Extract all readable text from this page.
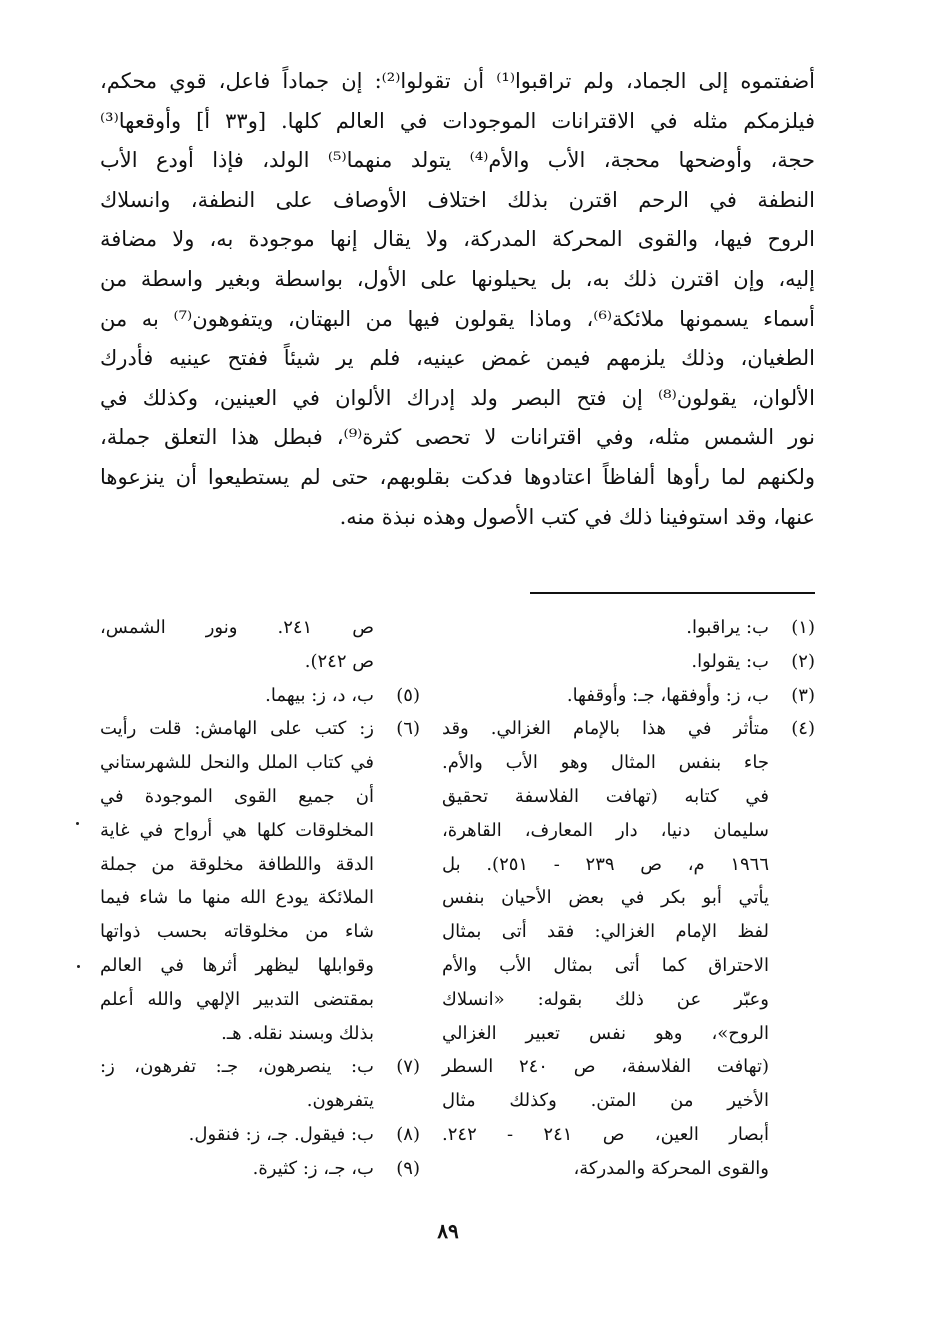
أضفتموه إلى الجماد، ولم تراقبوا⁽¹⁾ أن تقولوا⁽²⁾: إن جماداً فاعل، قوي محكم،
فيلزمكم مثله في الاقترانات الموجودات في العالم كلها. [و٣٣ أ] وأوقعها⁽³⁾
حجة، وأوضحها محجة، الأب والأم⁽⁴⁾ يتولد منهما⁽⁵⁾ الولد، فإذا أودع الأب
النطفة في الرحم اقترن بذلك اختلاف الأوصاف على النطفة، وانسلاك
الروح فيها، والقوى المحركة المدركة، ولا يقال إنها موجودة به، ولا مضافة
إليه، وإن اقترن ذلك به، بل يحيلونها على الأول، بواسطة وبغير واسطة من
أسماء يسمونها ملائكة⁽⁶⁾، وماذا يقولون فيها من البهتان، ويتفوهون⁽⁷⁾ به من
الطغيان، وذلك يلزمهم فيمن غمض عينيه، فلم ير شيئاً ففتح عينيه فأدرك
الألوان، يقولون⁽⁸⁾ إن فتح البصر ولد إدراك الألوان في العينين، وكذلك في
نور الشمس مثله، وفي اقترانات لا تحصى كثرة⁽⁹⁾، فبطل هذا التعلق جملة،
ولكنهم لما رأوها ألفاظاً اعتادوها فدكت بقلوبهم، حتى لم يستطيعوا أن ينزعوها
عنها، وقد استوفينا ذلك في كتب الأصول وهذه نبذة منه.
(١)
ب: يراقبوا.
(٢)
ب: يقولوا.
(٣)
ب، ز: وأوفقها، جـ: وأوقفها.
(٤)
متأثر في هذا بالإمام الغزالي. وقد
جاء بنفس المثال وهو الأب والأم.
في كتابه (تهافت الفلاسفة تحقيق
سليمان دنيا، دار المعارف، القاهرة،
١٩٦٦ م، ص ٢٣٩ - ٢٥١). بل
يأتي أبو بكر في بعض الأحيان بنفس
لفظ الإمام الغزالي: فقد أتى بمثال
الاحتراق كما أتى بمثال الأب والأم
وعبّر عن ذلك بقوله: «انسلاك
الروح»، وهو نفس تعبير الغزالي
(تهافت الفلاسفة، ص ٢٤٠ السطر
الأخير من المتن. وكذلك مثال
أبصار العين، ص ٢٤١ - ٢٤٢.
والقوى المحركة والمدركة،
ص ٢٤١. ونور الشمس،
ص ٢٤٢).
(٥)
ب، د، ز: بيهما.
(٦)
ز: كتب على الهامش: قلت رأيت
في كتاب الملل والنحل للشهرستاني
أن جميع القوى الموجودة في
المخلوقات كلها هي أرواح في غاية
الدقة واللطافة مخلوقة من جملة
الملائكة يودع الله منها ما شاء فيما
شاء من مخلوقاته بحسب ذواتها
وقوابلها ليظهر أثرها في العالم
بمقتضى التدبير الإلهي والله أعلم
بذلك وبسند نقله. هـ.
(٧)
ب: ينصرهون، جـ: تفرهون، ز:
يتفرهون.
(٨)
ب: فيقول. جـ، ز: فنقول.
(٩)
ب، جـ، ز: كثيرة.
٨٩
